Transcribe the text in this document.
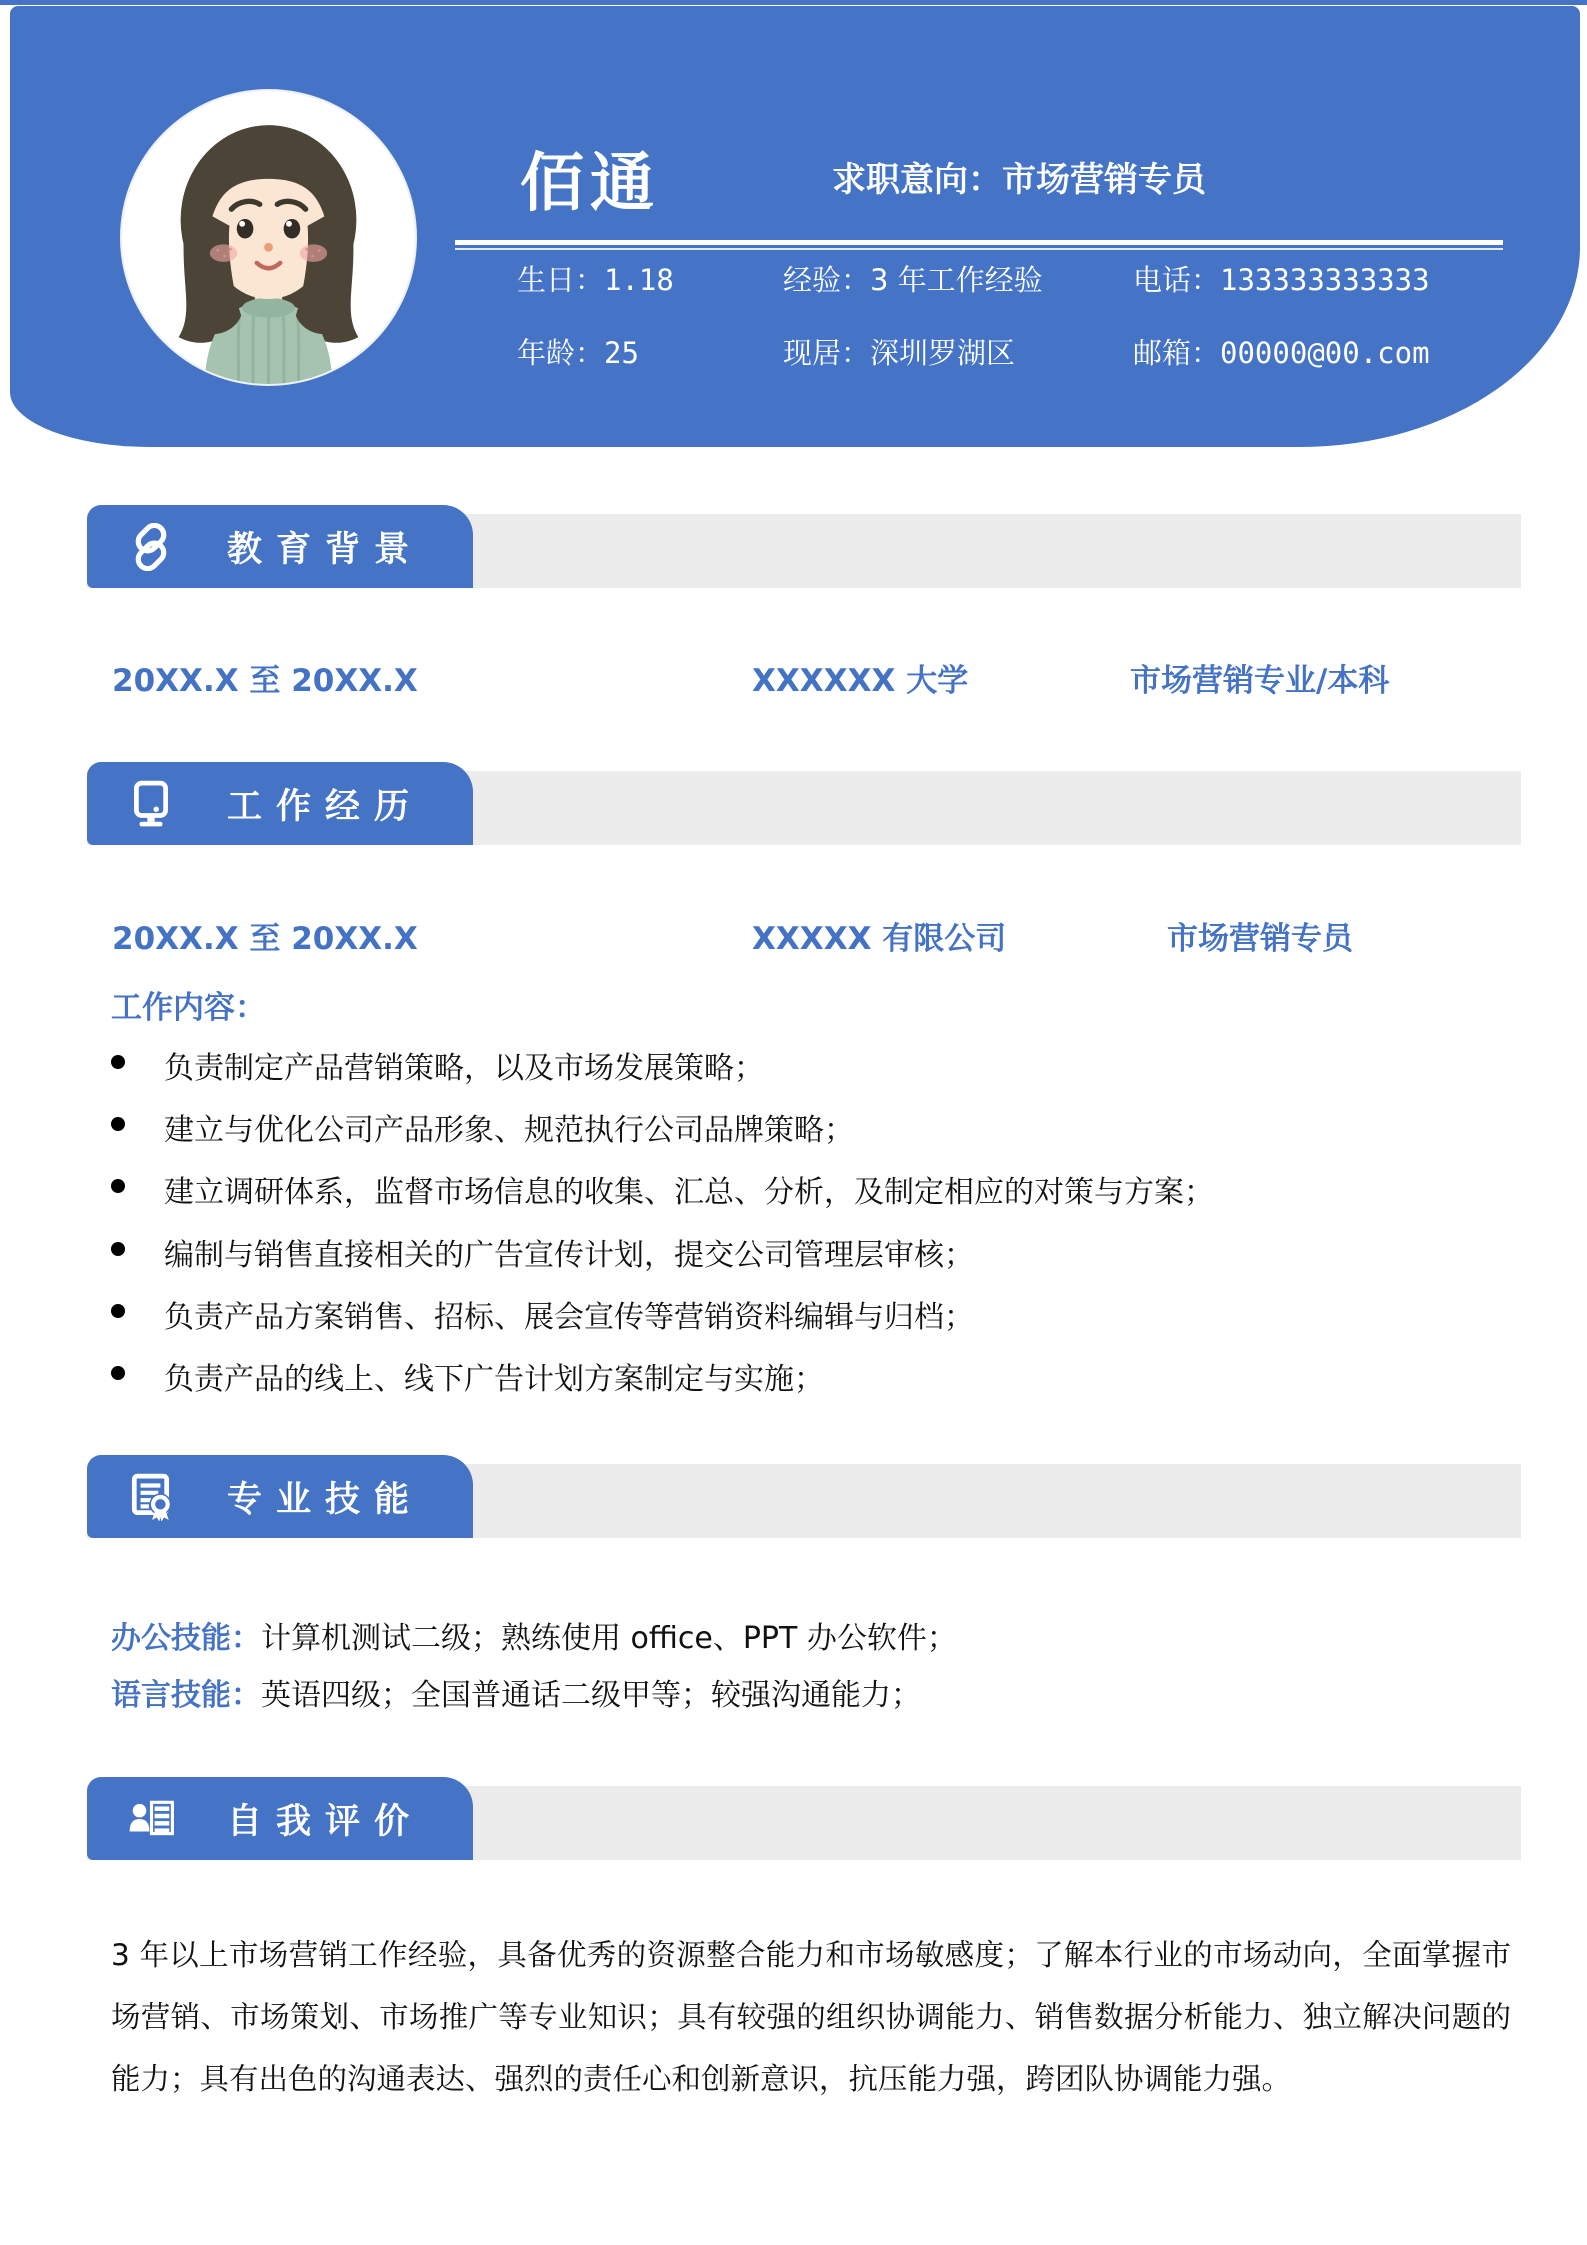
佰通	求职意向：市场营销专员
生日：1.18	经验：3 年工作经验	电话：133333333333
年龄：25	现居：深圳罗湖区	邮箱：00000@00.com
教育背景
20XX.X 至 20XX.X	XXXXXX 大学	市场营销专业/本科
工作经历
20XX.X 至 20XX.X	XXXXX 有限公司	市场营销专员
工作内容：
负责制定产品营销策略，以及市场发展策略；
建立与优化公司产品形象、规范执行公司品牌策略；
建立调研体系，监督市场信息的收集、汇总、分析，及制定相应的对策与方案；
编制与销售直接相关的广告宣传计划，提交公司管理层审核；
负责产品方案销售、招标、展会宣传等营销资料编辑与归档；
负责产品的线上、线下广告计划方案制定与实施；
专业技能
办公技能：计算机测试二级；熟练使用 office、PPT 办公软件；
语言技能：英语四级；全国普通话二级甲等；较强沟通能力；
自我评价
3 年以上市场营销工作经验，具备优秀的资源整合能力和市场敏感度；了解本行业的市场动向，全面掌握市场营销、市场策划、市场推广等专业知识；具有较强的组织协调能力、销售数据分析能力、独立解决问题的能力；具有出色的沟通表达、强烈的责任心和创新意识，抗压能力强，跨团队协调能力强。
